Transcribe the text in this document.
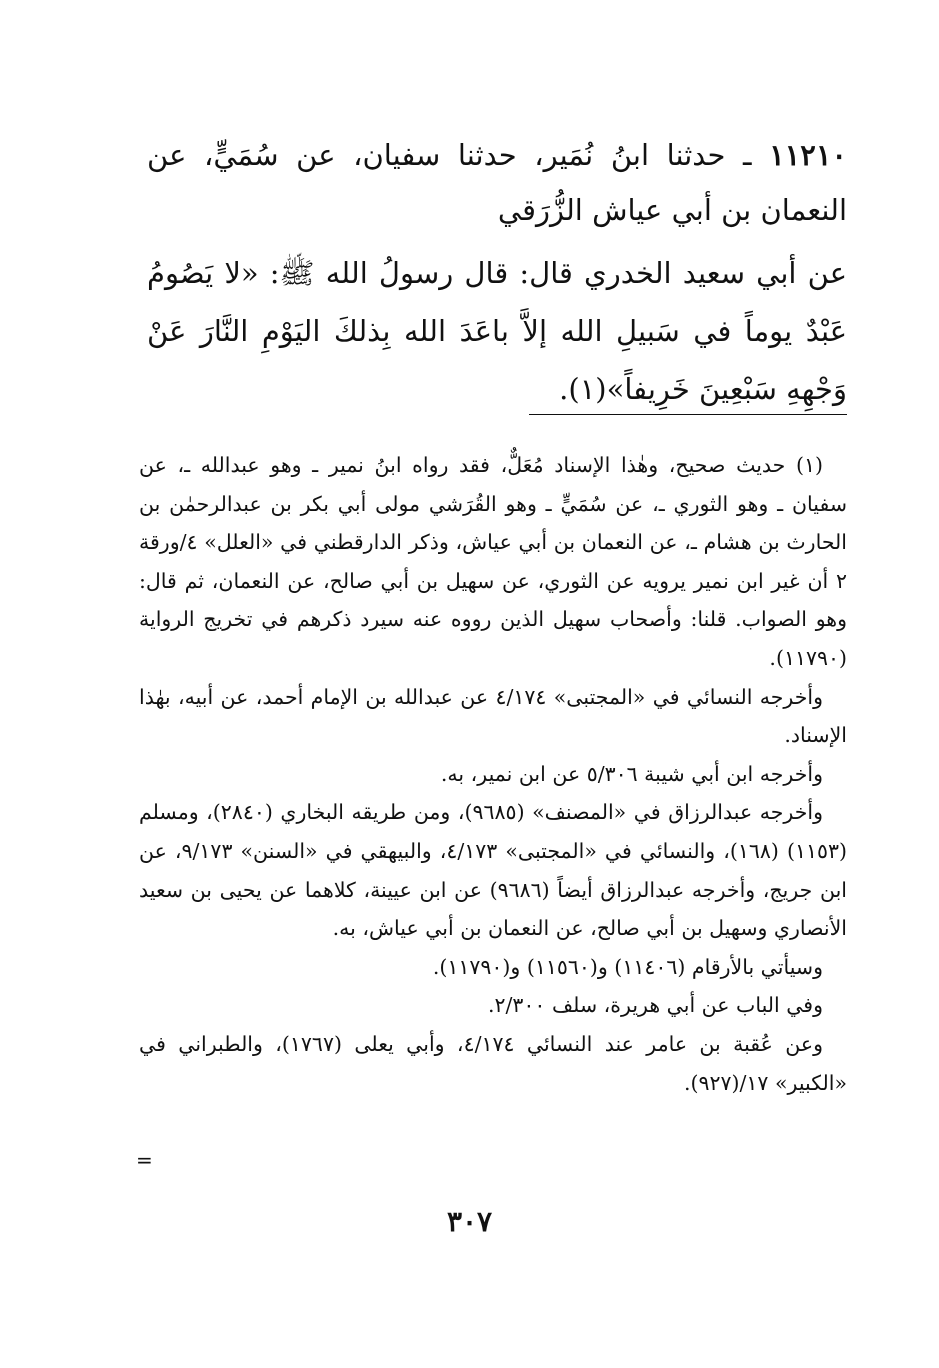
١١٢١٠ ـ حدثنا ابنُ نُمَير، حدثنا سفيان، عن سُمَيٍّ، عن النعمان بن أبي عياش الزُّرَقي

عن أبي سعيد الخدري قال: قال رسولُ الله ﷺ: «لا يَصُومُ عَبْدٌ يوماً في سَبيلِ الله إلاَّ باعَدَ الله بِذلكَ اليَوْمِ النَّارَ عَنْ وَجْهِهِ سَبْعِينَ خَرِيفاً»(١).

(١) حديث صحيح، وهٰذا الإسناد مُعَلٌّ، فقد رواه ابنُ نمير ـ وهو عبدالله ـ، عن سفيان ـ وهو الثوري ـ، عن سُمَيٍّ ـ وهو القُرَشي مولى أبي بكر بن عبدالرحمٰن بن الحارث بن هشام ـ، عن النعمان بن أبي عياش، وذكر الدارقطني في «العلل» ٤/ورقة ٢ أن غير ابن نمير يرويه عن الثوري، عن سهيل بن أبي صالح، عن النعمان، ثم قال: وهو الصواب. قلنا: وأصحاب سهيل الذين رووه عنه سيرد ذكرهم في تخريج الرواية (١١٧٩٠).

وأخرجه النسائي في «المجتبى» ٤/١٧٤ عن عبدالله بن الإمام أحمد، عن أبيه، بهٰذا الإسناد.

وأخرجه ابن أبي شيبة ٥/٣٠٦ عن ابن نمير، به.

وأخرجه عبدالرزاق في «المصنف» (٩٦٨٥)، ومن طريقه البخاري (٢٨٤٠)، ومسلم (١١٥٣) (١٦٨)، والنسائي في «المجتبى» ٤/١٧٣، والبيهقي في «السنن» ٩/١٧٣، عن ابن جريج، وأخرجه عبدالرزاق أيضاً (٩٦٨٦) عن ابن عيينة، كلاهما عن يحيى بن سعيد الأنصاري وسهيل بن أبي صالح، عن النعمان بن أبي عياش، به.

وسيأتي بالأرقام (١١٤٠٦) و(١١٥٦٠) و(١١٧٩٠).

وفي الباب عن أبي هريرة، سلف ٢/٣٠٠.

وعن عُقبة بن عامر عند النسائي ٤/١٧٤، وأبي يعلى (١٧٦٧)، والطبراني في «الكبير» ١٧/(٩٢٧).

=
٣٠٧
